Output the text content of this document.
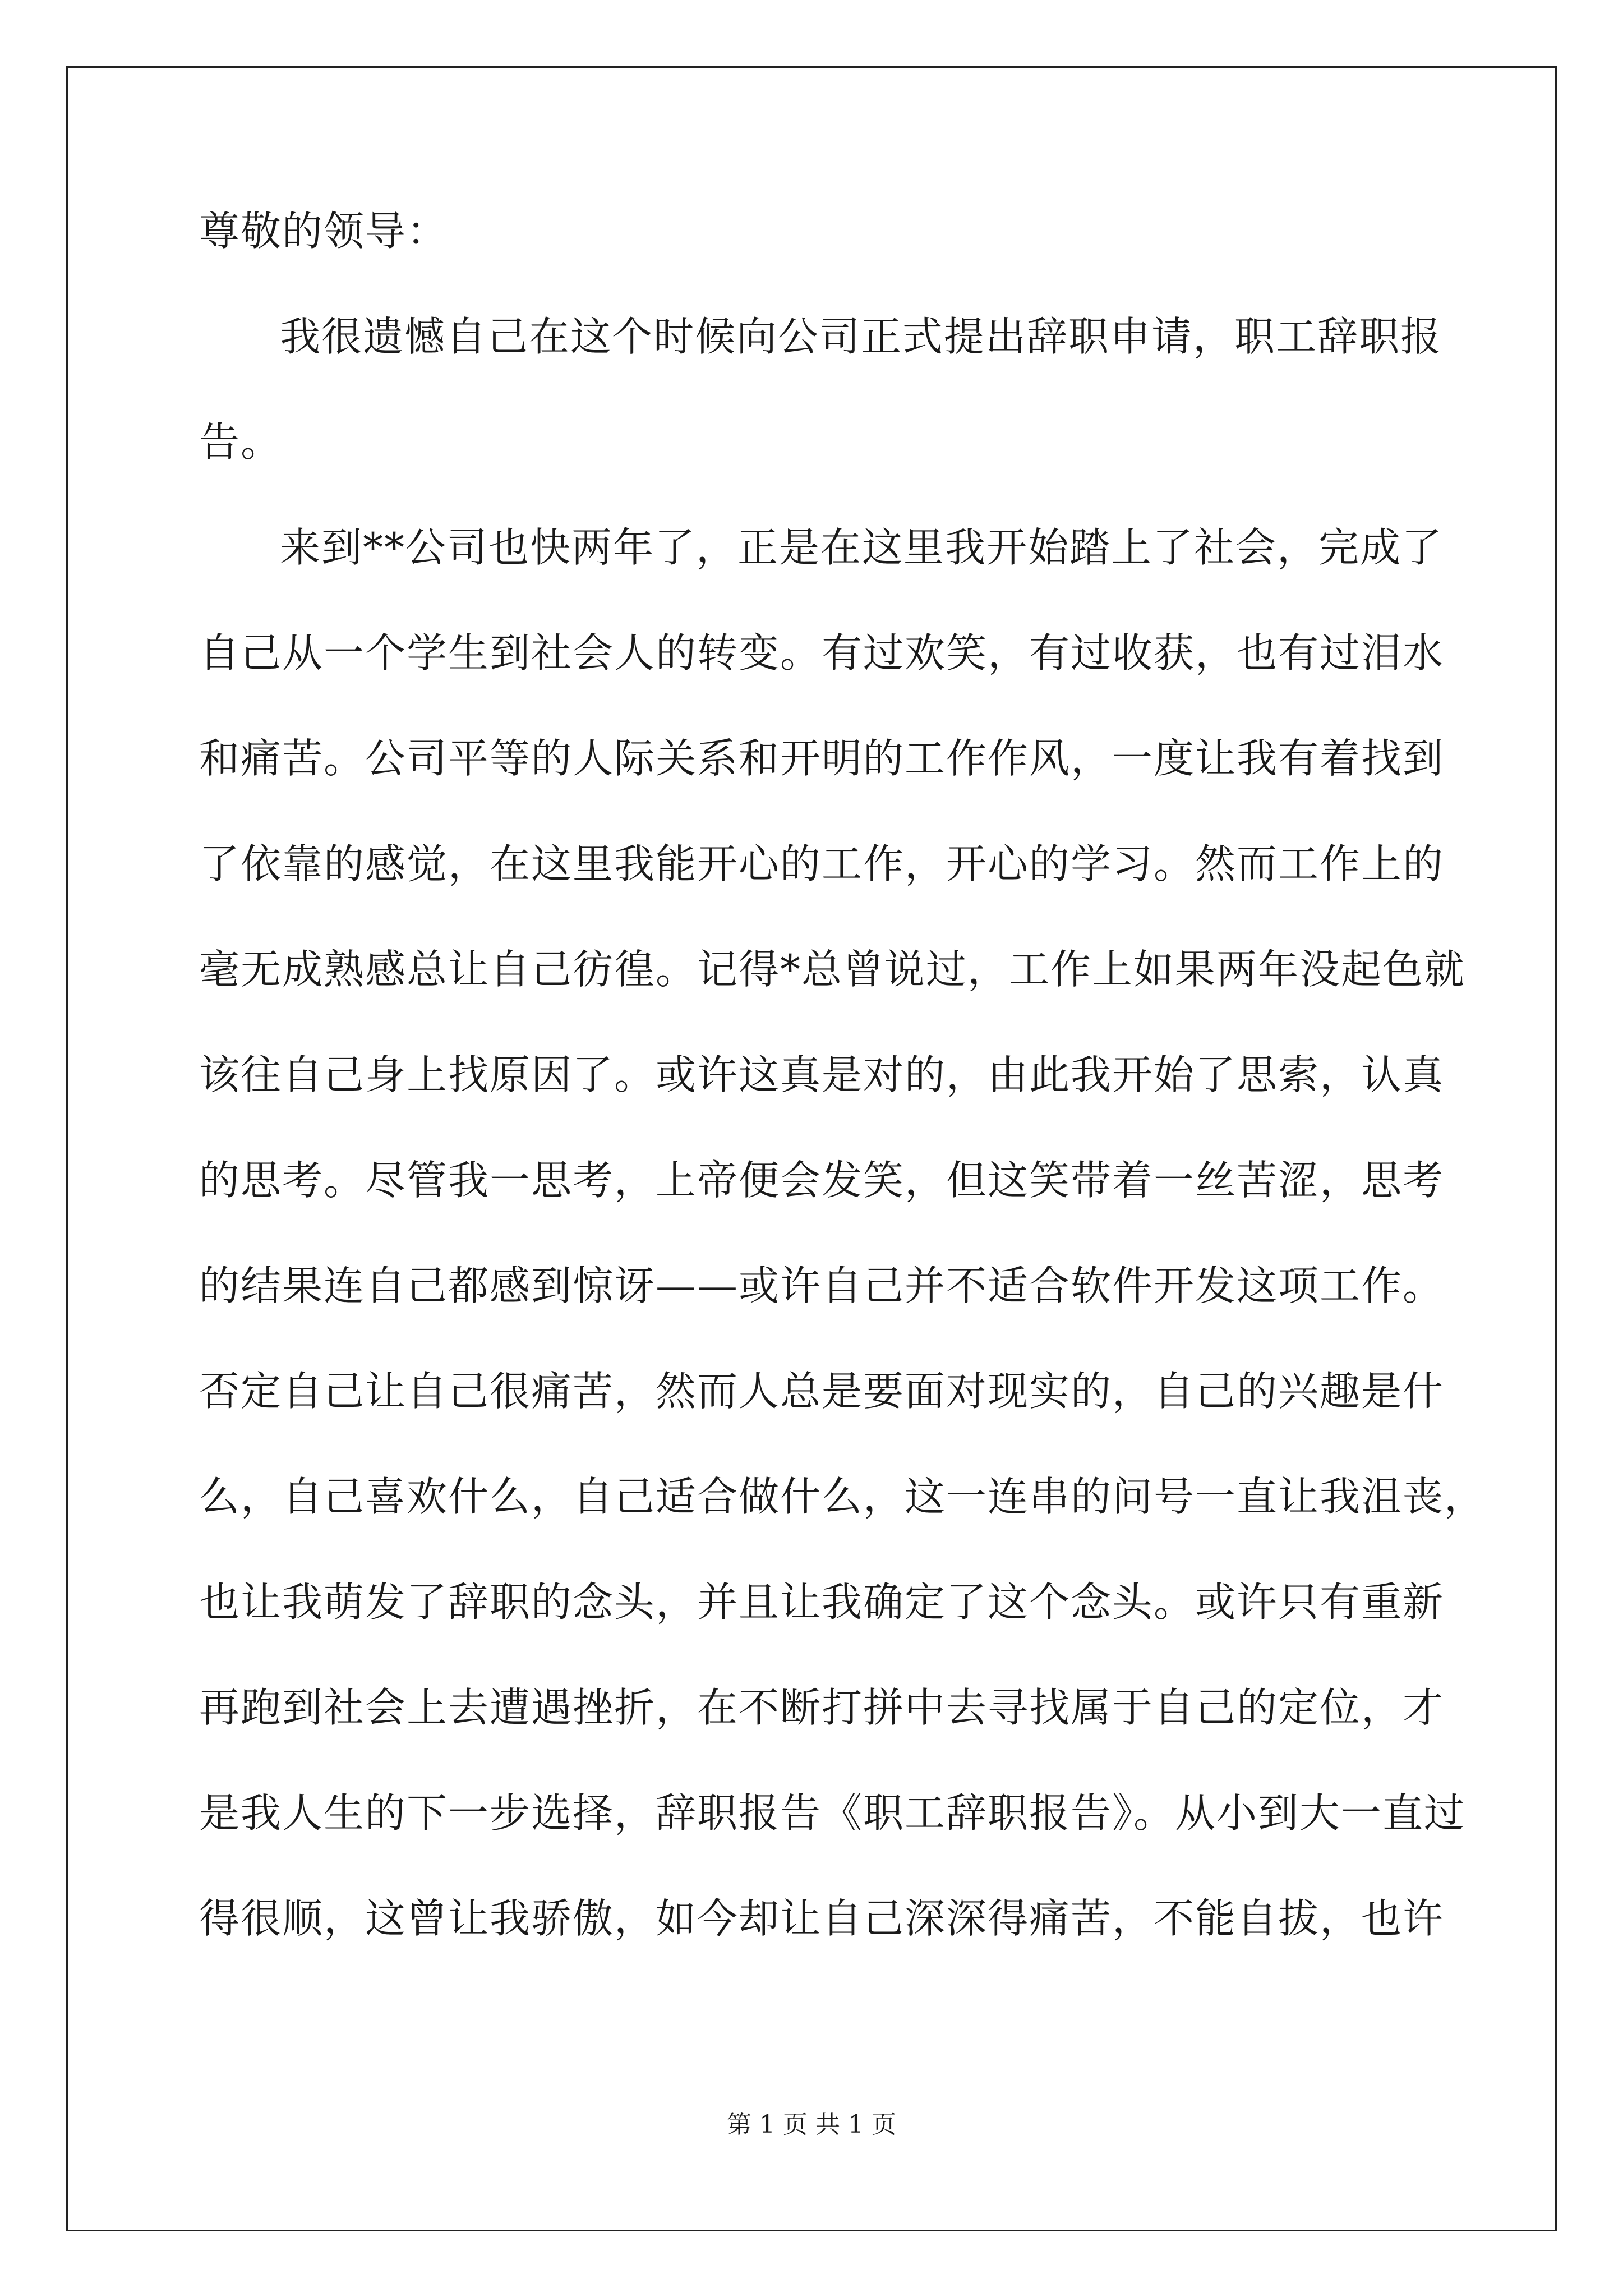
尊敬的领导：
我很遗憾自己在这个时候向公司正式提出辞职申请，职工辞职报
告。
来到**公司也快两年了，正是在这里我开始踏上了社会，完成了
自己从一个学生到社会人的转变。有过欢笑，有过收获，也有过泪水
和痛苦。公司平等的人际关系和开明的工作作风，一度让我有着找到
了依靠的感觉，在这里我能开心的工作，开心的学习。然而工作上的
毫无成熟感总让自己彷徨。记得*总曾说过，工作上如果两年没起色就
该往自己身上找原因了。或许这真是对的，由此我开始了思索，认真
的思考。尽管我一思考，上帝便会发笑，但这笑带着一丝苦涩，思考
的结果连自己都感到惊讶——或许自己并不适合软件开发这项工作。
否定自己让自己很痛苦，然而人总是要面对现实的，自己的兴趣是什
么，自己喜欢什么，自己适合做什么，这一连串的问号一直让我沮丧，
也让我萌发了辞职的念头，并且让我确定了这个念头。或许只有重新
再跑到社会上去遭遇挫折，在不断打拼中去寻找属于自己的定位，才
是我人生的下一步选择，辞职报告《职工辞职报告》。从小到大一直过
得很顺，这曾让我骄傲，如今却让自己深深得痛苦，不能自拔，也许
第 1 页 共 1 页
